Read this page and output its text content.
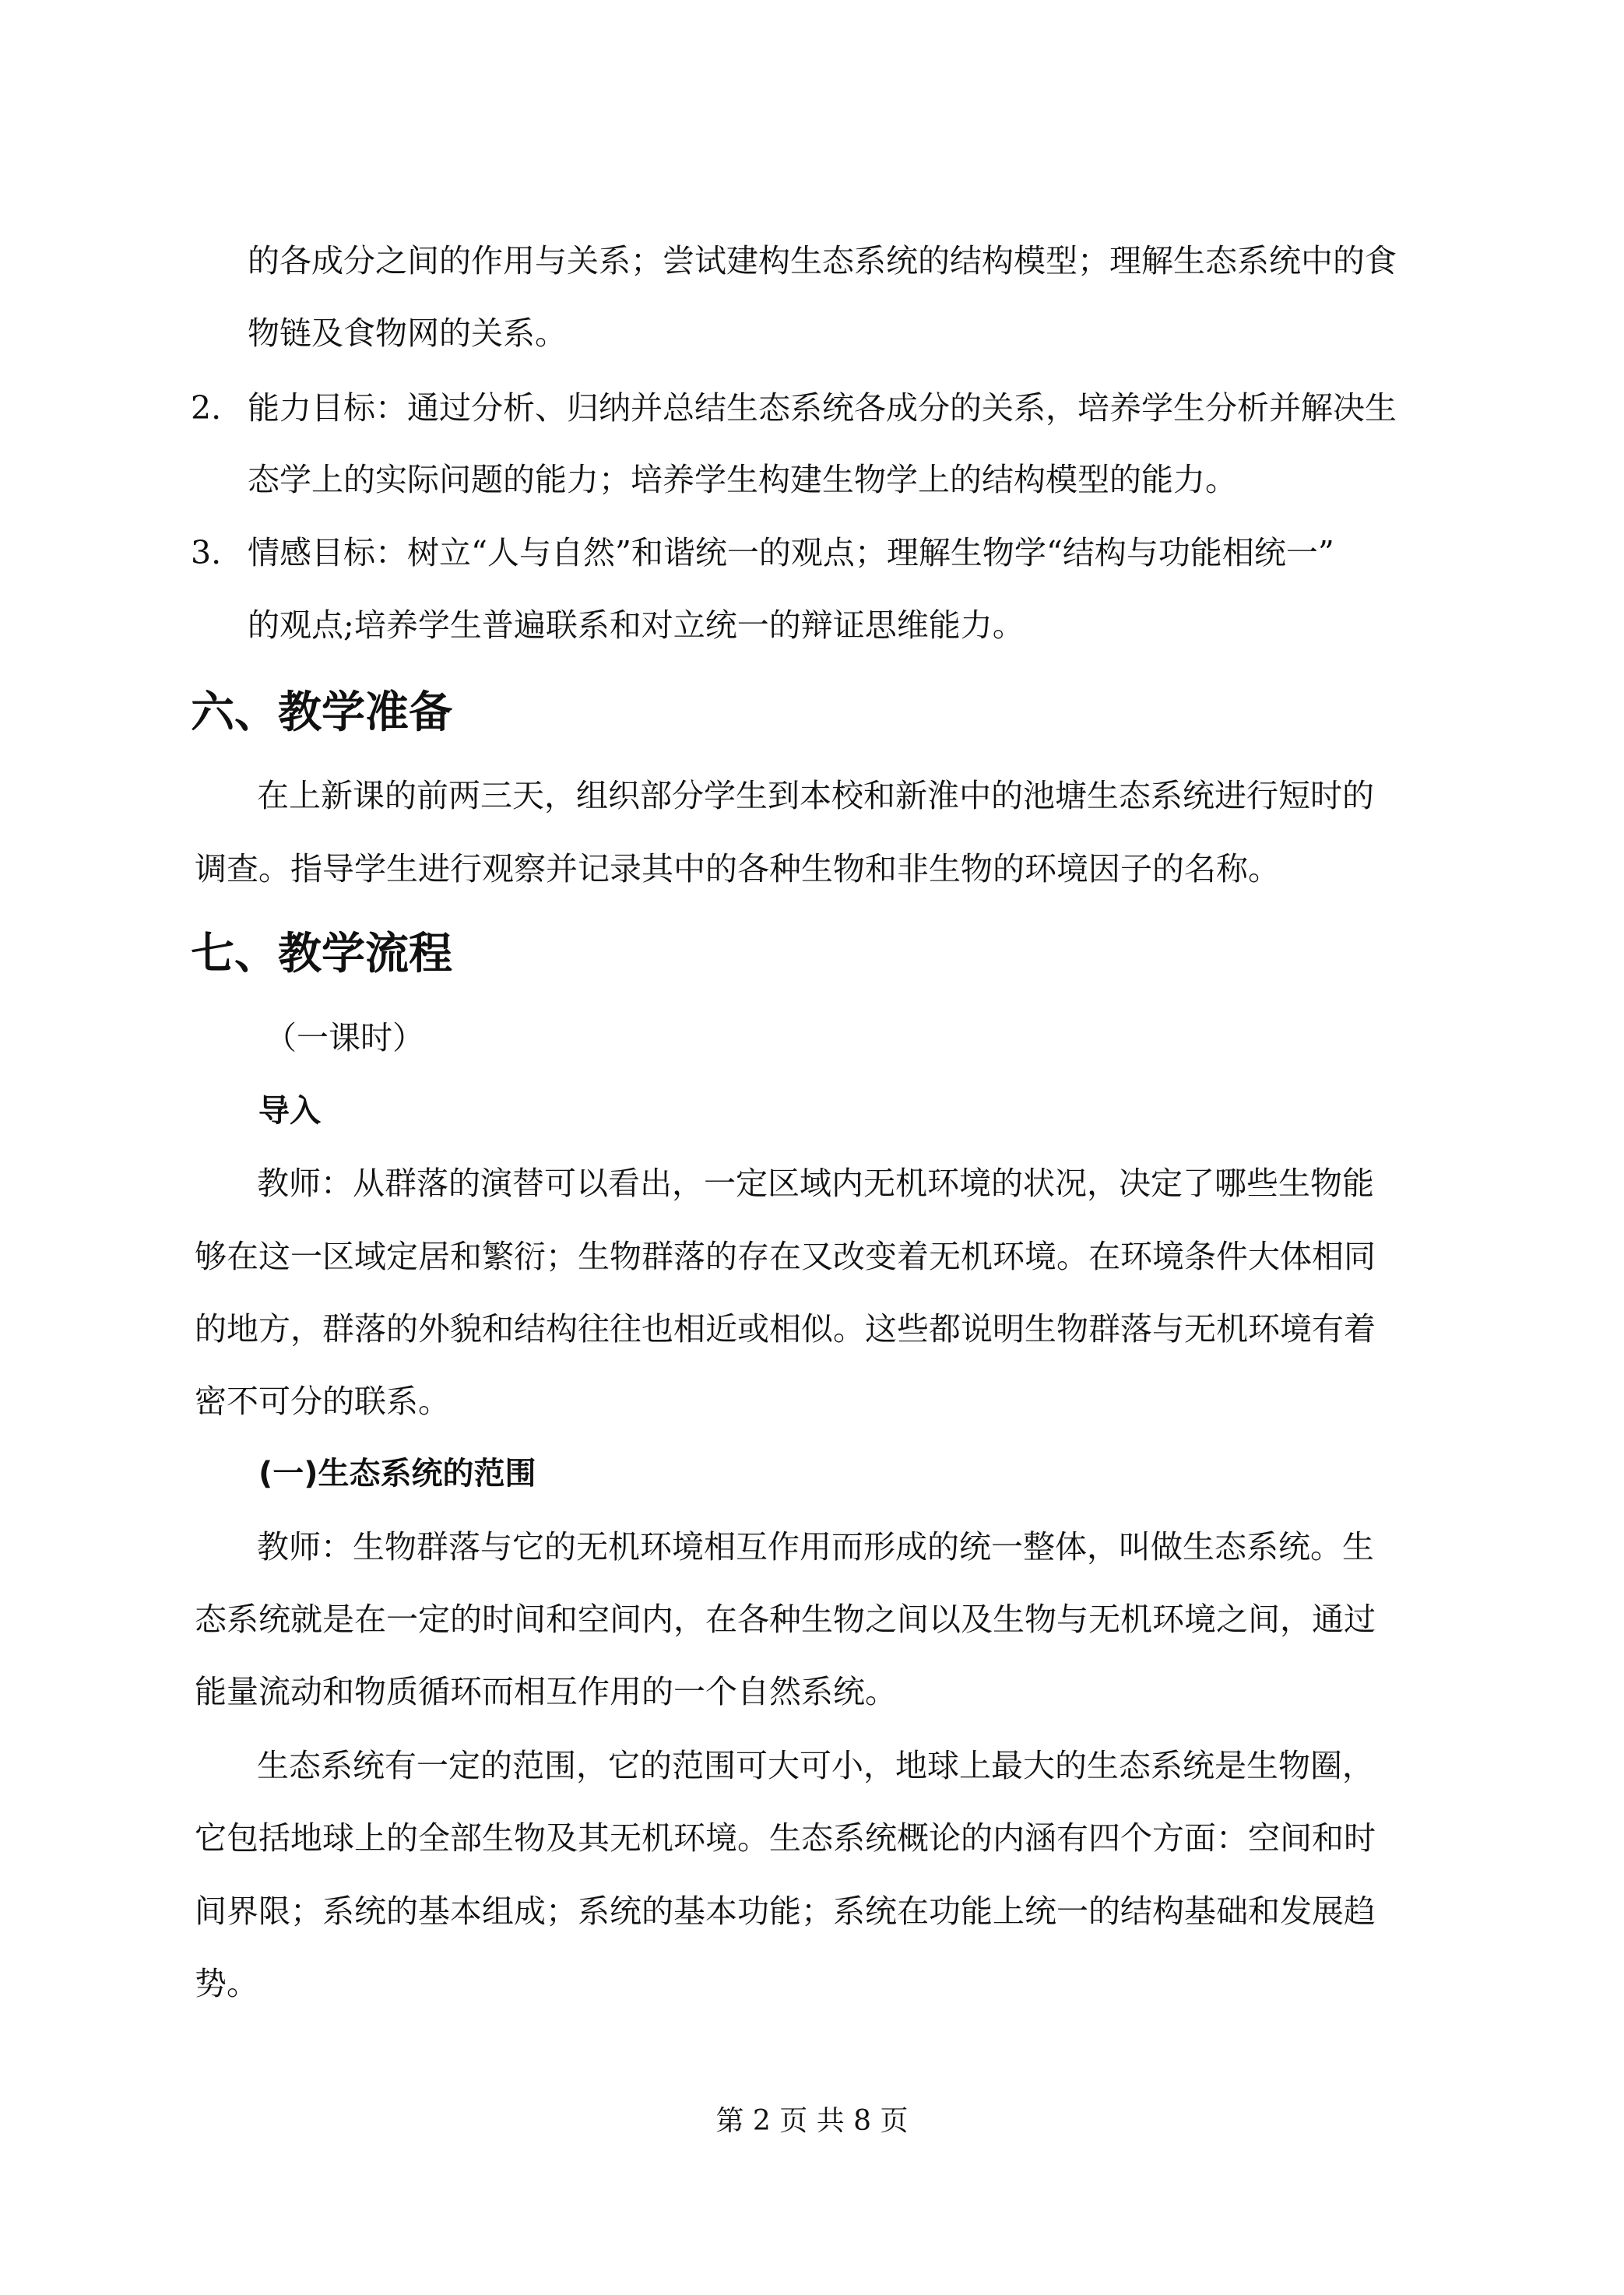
的各成分之间的作用与关系；尝试建构生态系统的结构模型；理解生态系统中的食
物链及食物网的关系。
2. 能力目标：通过分析、归纳并总结生态系统各成分的关系，培养学生分析并解决生
态学上的实际问题的能力；培养学生构建生物学上的结构模型的能力。
3. 情感目标：树立“人与自然”和谐统一的观点；理解生物学“结构与功能相统一”
的观点;培养学生普遍联系和对立统一的辩证思维能力。
六、教学准备
在上新课的前两三天，组织部分学生到本校和新淮中的池塘生态系统进行短时的
调查。指导学生进行观察并记录其中的各种生物和非生物的环境因子的名称。
七、教学流程
（一课时）
导入
教师：从群落的演替可以看出，一定区域内无机环境的状况，决定了哪些生物能
够在这一区域定居和繁衍；生物群落的存在又改变着无机环境。在环境条件大体相同
的地方，群落的外貌和结构往往也相近或相似。这些都说明生物群落与无机环境有着
密不可分的联系。
(一)生态系统的范围
教师：生物群落与它的无机环境相互作用而形成的统一整体，叫做生态系统。生
态系统就是在一定的时间和空间内，在各种生物之间以及生物与无机环境之间，通过
能量流动和物质循环而相互作用的一个自然系统。
生态系统有一定的范围，它的范围可大可小，地球上最大的生态系统是生物圈，
它包括地球上的全部生物及其无机环境。生态系统概论的内涵有四个方面：空间和时
间界限；系统的基本组成；系统的基本功能；系统在功能上统一的结构基础和发展趋
势。
第 2 页 共 8 页
